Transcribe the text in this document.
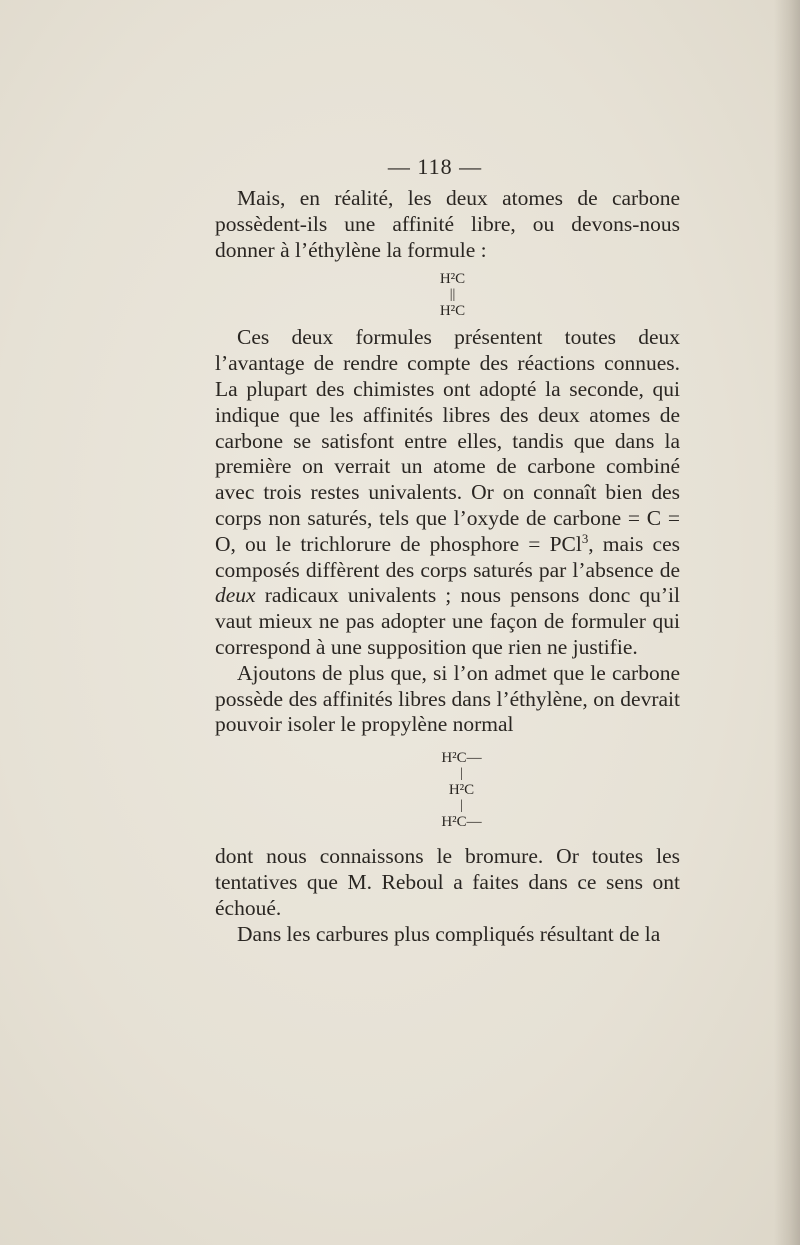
— 118 —

Mais, en réalité, les deux atomes de carbone possèdent-ils une affinité libre, ou devons-nous donner à l’éthylène la formule :

H²C
||
H²C

Ces deux formules présentent toutes deux l’avantage de rendre compte des réactions connues. La plupart des chimistes ont adopté la seconde, qui indique que les affinités libres des deux atomes de carbone se satisfont entre elles, tandis que dans la première on verrait un atome de carbone combiné avec trois restes univalents. Or on connaît bien des corps non saturés, tels que l’oxyde de carbone = C = O, ou le trichlorure de phosphore = PCl$^3$, mais ces composés diffèrent des corps saturés par l’absence de deux radicaux univalents ; nous pensons donc qu’il vaut mieux ne pas adopter une façon de formuler qui correspond à une supposition que rien ne justifie.

Ajoutons de plus que, si l’on admet que le carbone possède des affinités libres dans l’éthylène, on devrait pouvoir isoler le propylène normal

H²C—
|
H²C
|
H²C—

dont nous connaissons le bromure. Or toutes les tentatives que M. Reboul a faites dans ce sens ont échoué.

Dans les carbures plus compliqués résultant de la
